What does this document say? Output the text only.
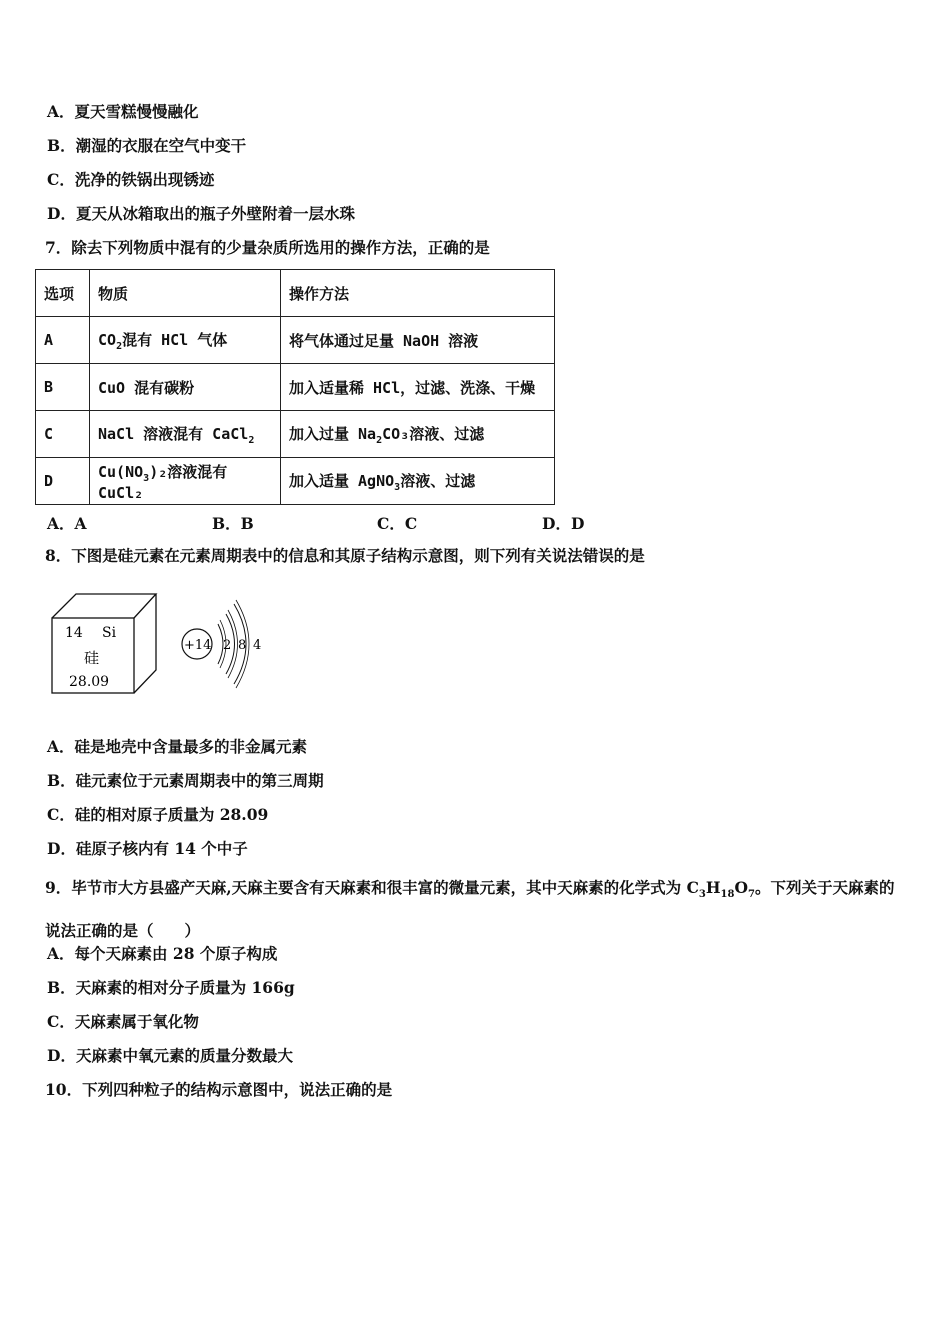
A．夏天雪糕慢慢融化
B．潮湿的衣服在空气中变干
C．洗净的铁锅出现锈迹
D．夏天从冰箱取出的瓶子外壁附着一层水珠
7．除去下列物质中混有的少量杂质所选用的操作方法，正确的是
选项	物质	操作方法
A	$CO_2$混有 HCl 气体	将气体通过足量 NaOH 溶液
B	CuO 混有碳粉	加入适量稀 HCl，过滤、洗涤、干燥
C	NaCl 溶液混有 CaCl$_2$	加入过量 $Na_2CO_3$溶液、过滤
D	$Cu(NO_3)_2$溶液混有 CuCl₂	加入适量 AgNO$_3$溶液、过滤
A．A	B．B	C．C	D．D
8．下图是硅元素在元素周期表中的信息和其原子结构示意图，则下列有关说法错误的是
14 Si
硅
28.09
+14 2 8 4
A．硅是地壳中含量最多的非金属元素
B．硅元素位于元素周期表中的第三周期
C．硅的相对原子质量为 28.09
D．硅原子核内有 14 个中子
9．毕节市大方县盛产天麻,天麻主要含有天麻素和很丰富的微量元素，其中天麻素的化学式为 $C_3H_{18}O_7$。下列关于天麻素的说法正确的是（　　）
A．每个天麻素由 28 个原子构成
B．天麻素的相对分子质量为 166g
C．天麻素属于氧化物
D．天麻素中氧元素的质量分数最大
10．下列四种粒子的结构示意图中，说法正确的是
